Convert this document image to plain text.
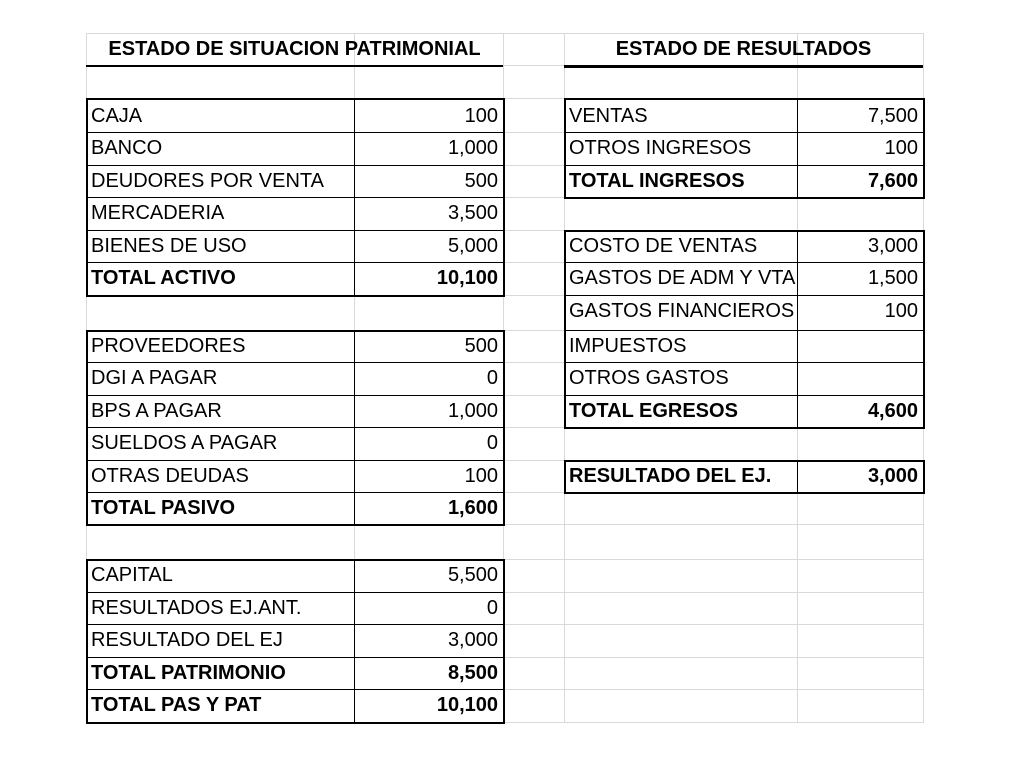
ESTADO DE SITUACION PATRIMONIAL	ESTADO DE RESULTADOS
CAJA	100
BANCO	1,000
DEUDORES POR VENTA	500
MERCADERIA	3,500
BIENES DE USO	5,000
TOTAL ACTIVO	10,100
PROVEEDORES	500
DGI A PAGAR	0
BPS A PAGAR	1,000
SUELDOS A PAGAR	0
OTRAS DEUDAS	100
TOTAL PASIVO	1,600
CAPITAL	5,500
RESULTADOS EJ.ANT.	0
RESULTADO DEL EJ	3,000
TOTAL PATRIMONIO	8,500
TOTAL PAS Y PAT	10,100
VENTAS	7,500
OTROS INGRESOS	100
TOTAL INGRESOS	7,600
COSTO DE VENTAS	3,000
GASTOS DE ADM Y VTA	1,500
GASTOS FINANCIEROS	100
IMPUESTOS
OTROS GASTOS
TOTAL EGRESOS	4,600
RESULTADO DEL EJ.	3,000
